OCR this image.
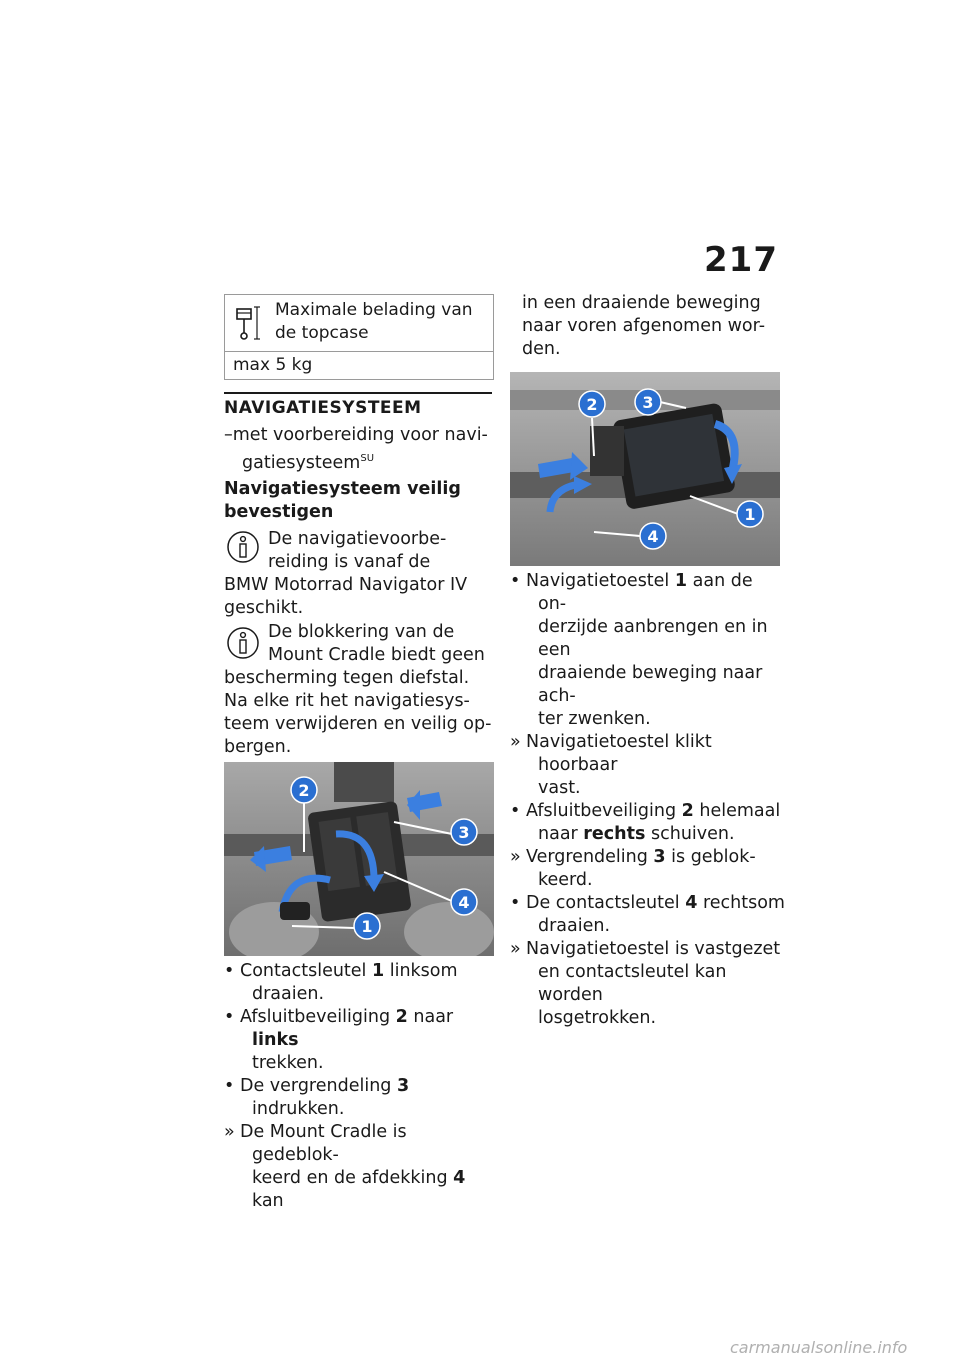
217
Maximale belading van
de topcase
max 5 kg
NAVIGATIESYSTEEM

–met voorbereiding voor navi-

gatiesysteem$^{SU}$

Navigatiesysteem veilig

bevestigen

De navigatievoorbe-

reiding is vanaf de

BMW Motorrad Navigator IV

geschikt.

De blokkering van de

Mount Cradle biedt geen

bescherming tegen diefstal.

Na elke rit het navigatiesys-

teem verwijderen en veilig op-

bergen.

2
3
4
1

• Contactsleutel 1 linksom
draaien.

• Afsluitbeveiliging 2 naar links
trekken.

• De vergrendeling 3 indrukken.

» De Mount Cradle is gedeblok-
keerd en de afdekking 4 kan

in een draaiende beweging

naar voren afgenomen wor-

den.

2	3
1
4

• Navigatietoestel 1 aan de on-
derzijde aanbrengen en in een
draaiende beweging naar ach-
ter zwenken.

» Navigatietoestel klikt hoorbaar
vast.

• Afsluitbeveiliging 2 helemaal
naar rechts schuiven.

» Vergrendeling 3 is geblok-
keerd.

• De contactsleutel 4 rechtsom
draaien.

» Navigatietoestel is vastgezet
en contactsleutel kan worden
losgetrokken.

carmanualsonline.info
